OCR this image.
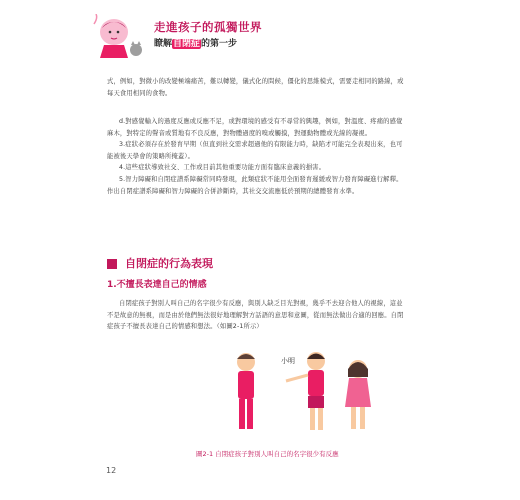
走進孩子的孤獨世界
瞭解自閉症的第一步

式，例如，對微小的改變極端痛苦，難以轉變，儀式化的問候，僵化的思維模式，需要走相同的路線，或每天食用相同的食物。

d.對感覺輸入的過度反應或反應不足，或對環境的感受有不尋常的興趣，例如，對溫度、疼痛的感覺麻木，對特定的聲音或質地有不良反應，對物體過度的嗅或觸摸，對運動物體或光線的凝視。

3.症狀必須存在於發育早期（但直到社交需求超過他的有限能力時，缺陷才可能完全表現出來，也可能被後天學會的策略所掩蓋）。

4.這些症狀導致社交、工作或目前其他重要功能方面有臨床意義的損害。

5.智力障礙和自閉症譜系障礙常同時發現，此類症狀不能用全面發育遲緩或智力發育障礙進行解釋。作出自閉症譜系障礙和智力障礙的合併診斷時，其社交交流應低於預期的總體發育水準。

自閉症的行為表現
1.不擅長表達自己的情感

自閉症孩子對別人叫自己的名字很少有反應，與別人缺乏目光對視，幾乎不去迎合他人的視線，這並不是故意的無視，而是由於他們無法很好地理解對方話語的意思和意圖，從而無法做出合適的回應。自閉症孩子不擅長表達自己的情感和想法。（如圖2-1所示）

小明
圖2-1 自閉症孩子對別人叫自己的名字很少有反應
12
